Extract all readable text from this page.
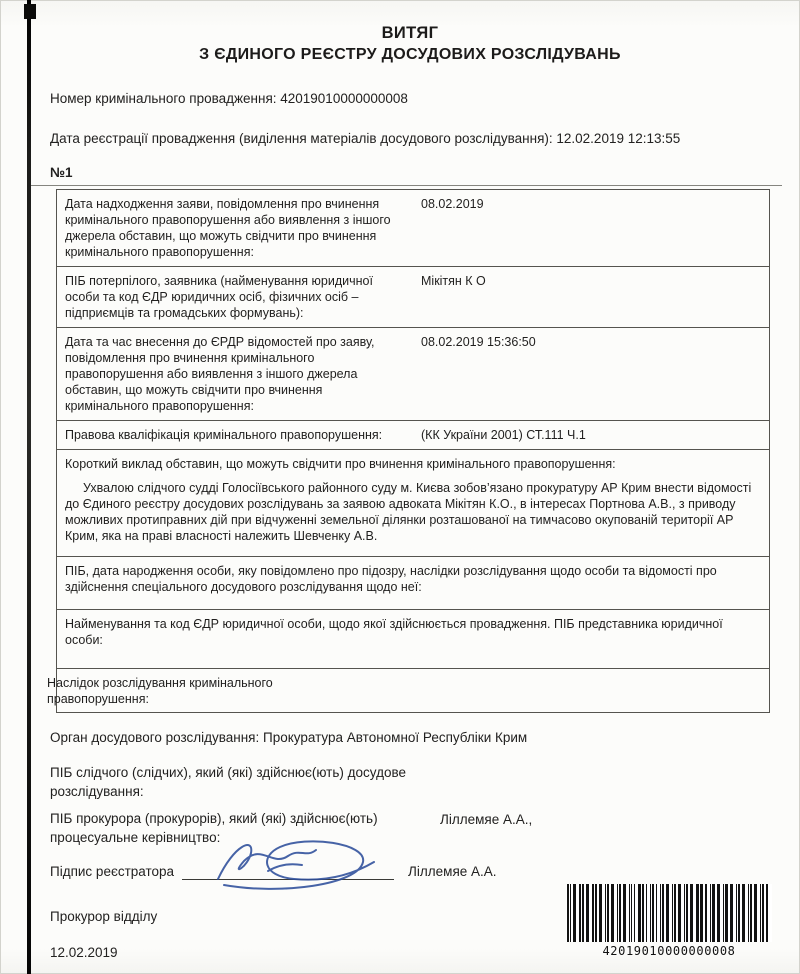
ВИТЯГ
З ЄДИНОГО РЕЄСТРУ ДОСУДОВИХ РОЗСЛІДУВАНЬ

Номер кримінального провадження: 42019010000000008

Дата реєстрації провадження (виділення матеріалів досудового розслідування): 12.02.2019 12:13:55

№1
Дата надходження заяви, повідомлення про вчинення кримінального правопорушення або виявлення з іншого джерела обставин, що можуть свідчити про вчинення кримінального правопорушення:
08.02.2019
ПІБ потерпілого, заявника (найменування юридичної особи та код ЄДР юридичних осіб, фізичних осіб – підприємців та громадських формувань):
Мікітян К О
Дата та час внесення до ЄРДР відомостей про заяву, повідомлення про вчинення кримінального правопорушення або виявлення з іншого джерела обставин, що можуть свідчити про вчинення кримінального правопорушення:
08.02.2019 15:36:50
Правова кваліфікація кримінального правопорушення:	(КК України 2001) СТ.111 Ч.1
Короткий виклад обставин, що можуть свідчити про вчинення кримінального правопорушення:
Ухвалою слідчого судді Голосіївського районного суду м. Києва зобов’язано прокуратуру АР Крим внести відомості до Єдиного реєстру досудових розслідувань за заявою адвоката Мікітян К.О., в інтересах Портнова А.В., з приводу можливих протиправних дій при відчуженні земельної ділянки розташованої на тимчасово окупованій території АР Крим, яка на праві власності належить Шевченку А.В.
ПІБ, дата народження особи, яку повідомлено про підозру, наслідки розслідування щодо особи та відомості про здійснення спеціального досудового розслідування щодо неї:
Найменування та код ЄДР юридичної особи, щодо якої здійснюється провадження. ПІБ представника юридичної особи:
Наслідок розслідування кримінального правопорушення:

Орган досудового розслідування: Прокуратура Автономної Республіки Крим

ПІБ слідчого (слідчих), який (які) здійснює(ють) досудове розслідування:

ПІБ прокурора (прокурорів), який (які) здійснює(ють) процесуальне керівництво:
Ліллемяе А.А.,
Підпис реєстратора	Ліллемяе А.А.

Прокурор відділу

12.02.2019	42019010000000008
